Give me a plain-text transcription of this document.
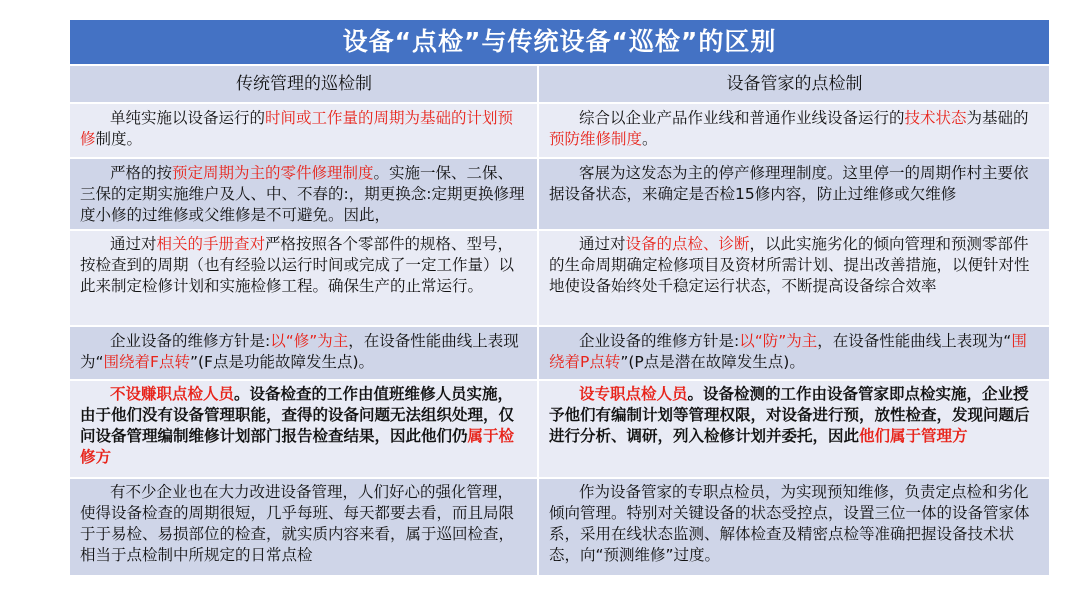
设备“点检”与传统设备“巡检”的区别
传统管理的巡检制	设备管家的点检制
单纯实施以设备运行的时间或工作量的周期为基础的计划预修制度。
综合以企业产品作业线和普通作业线设备运行的技术状态为基础的预防维修制度。
严格的按预定周期为主的零件修理制度。实施一保、二保、三保的定期实施维户及人、中、不春的:，期更换念:定期更换修理度小修的过维修或父维修是不可避免。因此，
客展为这发态为主的停产修理理制度。这里停一的周期作村主要依据设备状态，来确定是否检15修内容，防止过维修或欠维修
通过对相关的手册查对严格按照各个零部件的规格、型号，按检查到的周期（也有经验以运行时间或完成了一定工作量）以此来制定检修计划和实施检修工程。确保生产的止常运行。
通过对设备的点检、诊断，以此实施劣化的倾向管理和预测零部件的生命周期确定检修项目及资材所需计划、提出改善措施，以便针对性地使设备始终处千稳定运行状态，不断提高设备综合效率
企业设备的维修方针是:以“修”为主，在设备性能曲线上表现为“围绕着F点转”(F点是功能故障发生点)。
企业设备的维修方针是:以“防”为主，在设备性能曲线上表现为“围绕着P点转”(P点是潜在故障发生点)。
不设赚职点检人员。设备检查的工作由值班维修人员实施，由于他们没有设备管理职能，查得的设备问题无法组织处理，仅问设备管理编制维修计划部门报告检查结果，因此他们仍属于检修方
设专职点检人员。设备检测的工作由设备管家即点检实施，企业授予他们有编制计划等管理权限，对设备进行预，放性检查，发现问题后进行分析、调研，列入检修计划并委托，因此他们属于管理方
有不少企业也在大力改进设备管理，人们好心的强化管理，使得设备检查的周期很短，几乎每班、每天都要去看，而且局限于于易检、易损部位的检查，就实质内容来看，属于巡回检查，相当于点检制中所规定的日常点检
作为设备管家的专职点检员，为实现预知维修，负责定点检和劣化倾向管理。特别对关键设备的状态受控点，设置三位一体的设备管家体系，采用在线状态监测、解体检查及精密点检等准确把握设备技术状态，向“预测维修”过度。
